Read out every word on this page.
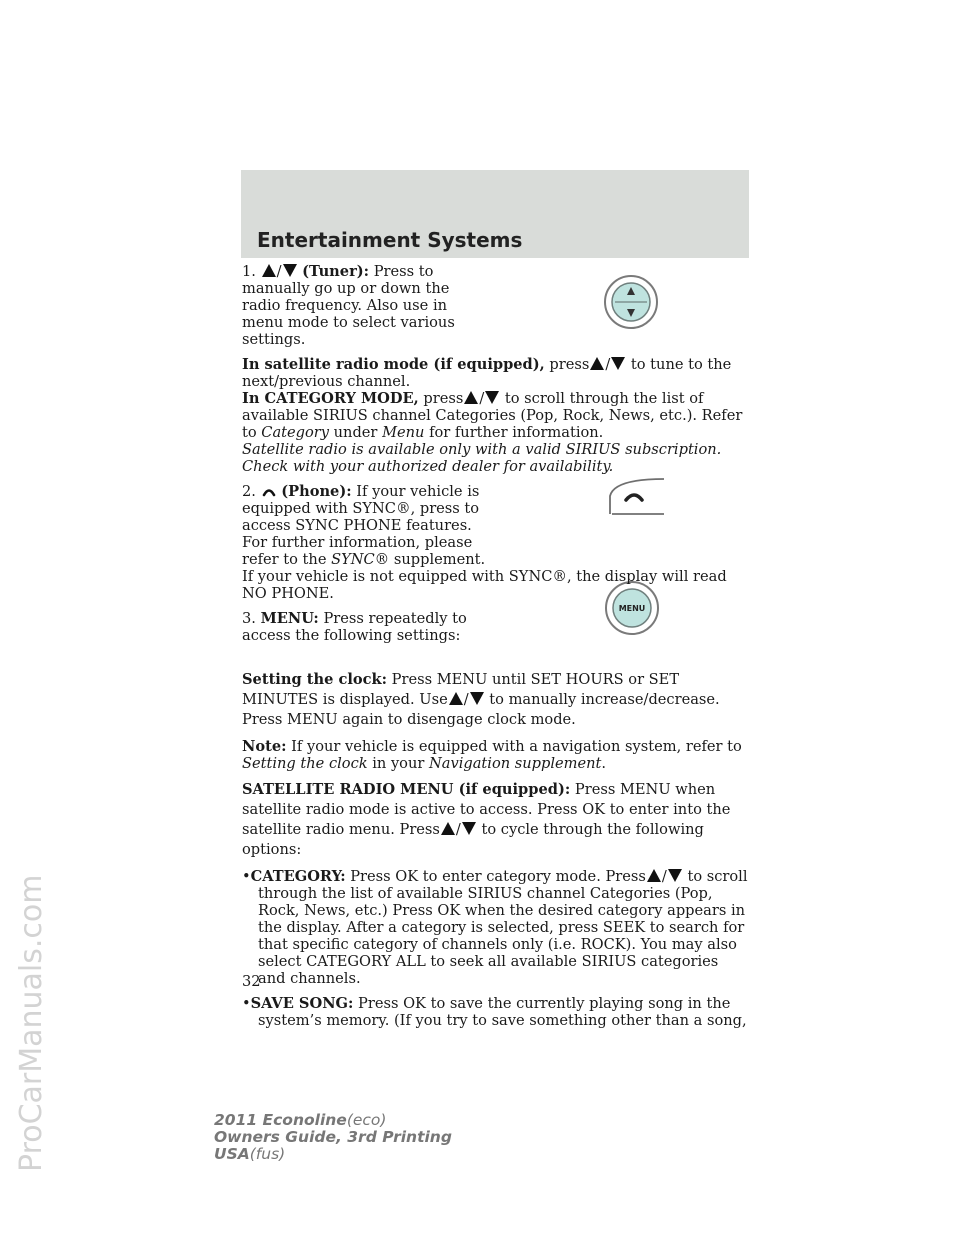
ProCarManuals.com
Entertainment Systems
MENU

1. / (Tuner): Press to manually go up or down the radio frequency. Also use in menu mode to select various settings.

In satellite radio mode (if equipped), press / to tune to the next/previous channel.
In CATEGORY MODE, press / to scroll through the list of available SIRIUS channel Categories (Pop, Rock, News, etc.). Refer to Category under Menu for further information.
Satellite radio is available only with a valid SIRIUS subscription. Check with your authorized dealer for availability.

2. (Phone): If your vehicle is equipped with SYNC®, press to access SYNC PHONE features. For further information, please refer to the SYNC® supplement.
If your vehicle is not equipped with SYNC®, the display will read NO PHONE.

3. MENU: Press repeatedly to access the following settings:

Setting the clock: Press MENU until SET HOURS or SET MINUTES is displayed. Use / to manually increase/decrease. Press MENU again to disengage clock mode.

Note: If your vehicle is equipped with a navigation system, refer to Setting the clock in your Navigation supplement.

SATELLITE RADIO MENU (if equipped): Press MENU when satellite radio mode is active to access. Press OK to enter into the satellite radio menu. Press / to cycle through the following options:

•CATEGORY: Press OK to enter category mode. Press / to scroll through the list of available SIRIUS channel Categories (Pop, Rock, News, etc.) Press OK when the desired category appears in the display. After a category is selected, press SEEK to search for that specific category of channels only (i.e. ROCK). You may also select CATEGORY ALL to seek all available SIRIUS categories and channels.

•SAVE SONG: Press OK to save the currently playing song in the system’s memory. (If you try to save something other than a song,

32
2011 Econoline(eco)
Owners Guide, 3rd Printing
USA(fus)
